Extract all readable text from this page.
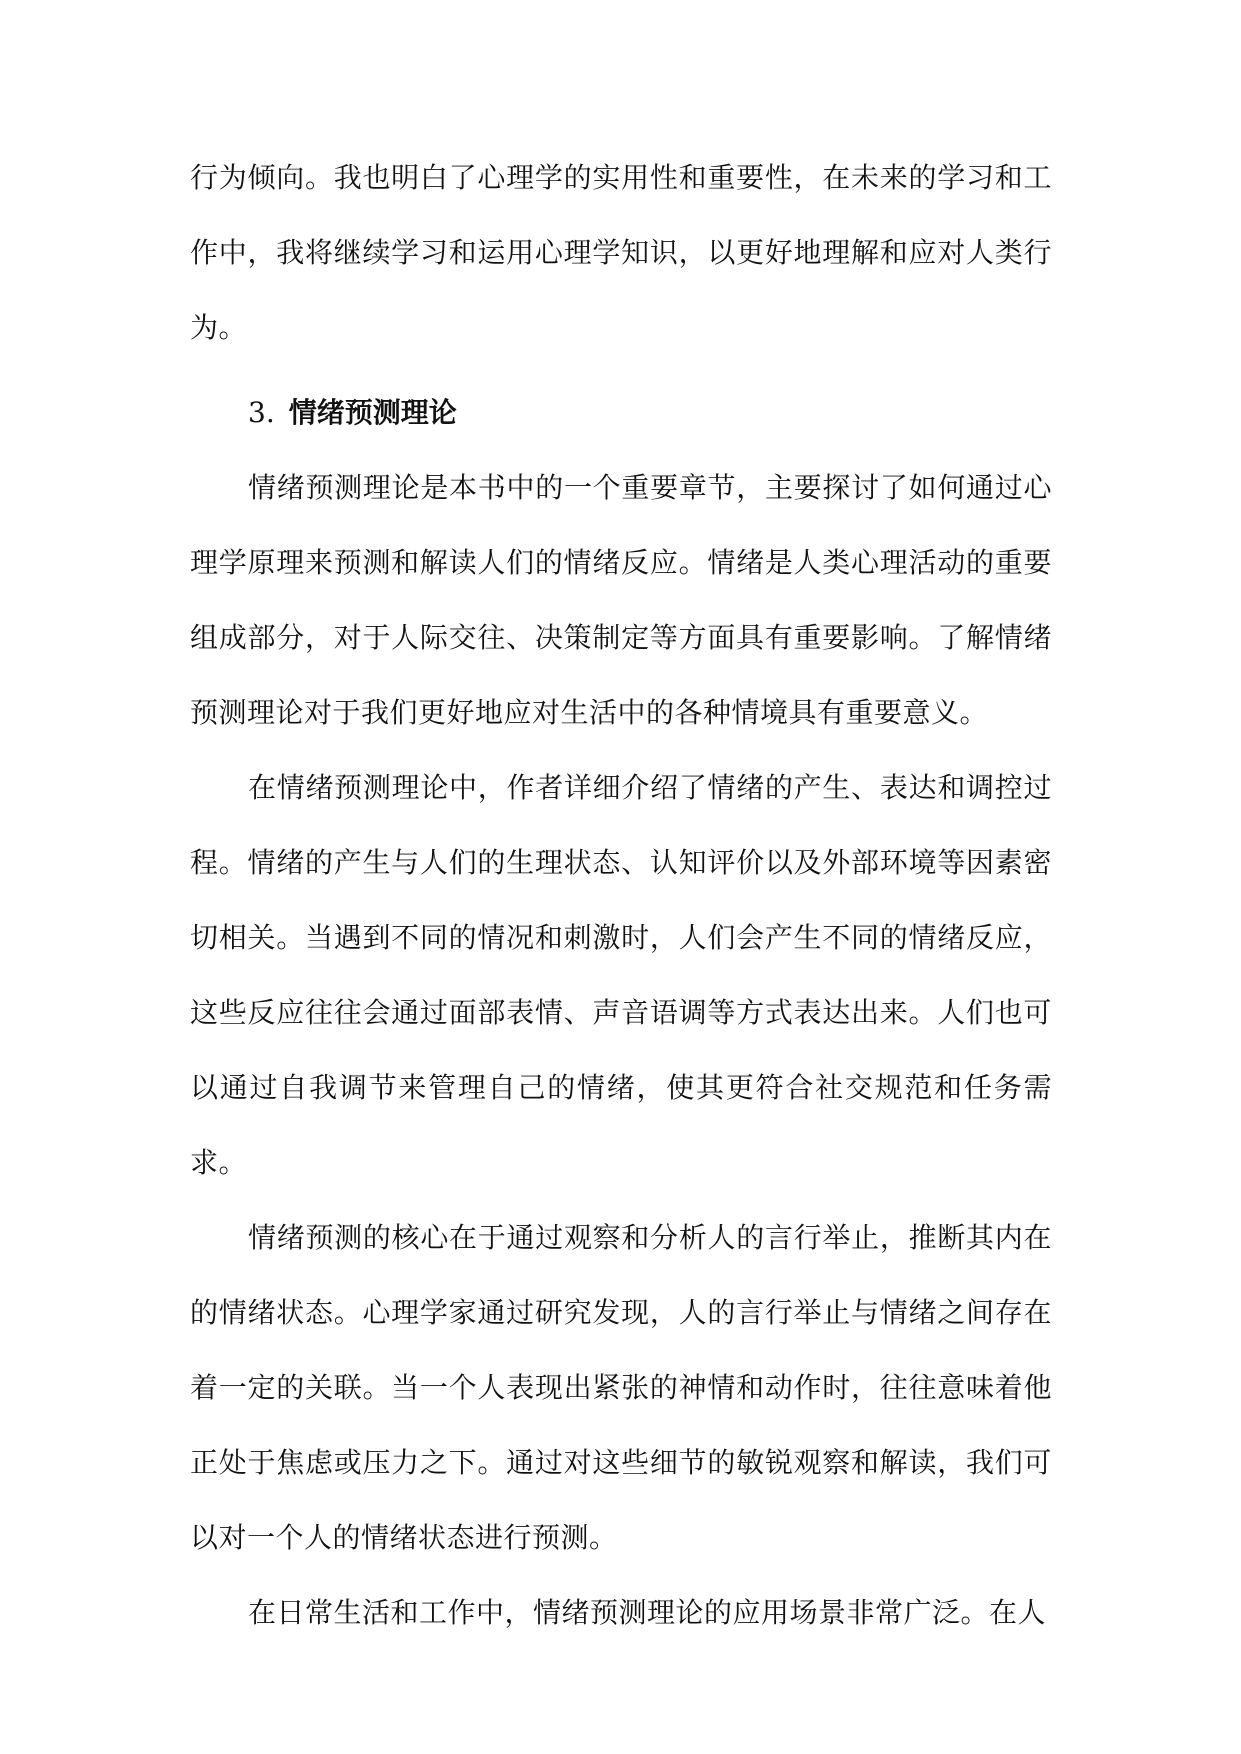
行为倾向。我也明白了心理学的实用性和重要性，在未来的学习和工作中，我将继续学习和运用心理学知识，以更好地理解和应对人类行为。

3. 情绪预测理论

情绪预测理论是本书中的一个重要章节，主要探讨了如何通过心理学原理来预测和解读人们的情绪反应。情绪是人类心理活动的重要组成部分，对于人际交往、决策制定等方面具有重要影响。了解情绪预测理论对于我们更好地应对生活中的各种情境具有重要意义。

在情绪预测理论中，作者详细介绍了情绪的产生、表达和调控过程。情绪的产生与人们的生理状态、认知评价以及外部环境等因素密切相关。当遇到不同的情况和刺激时，人们会产生不同的情绪反应，这些反应往往会通过面部表情、声音语调等方式表达出来。人们也可以通过自我调节来管理自己的情绪，使其更符合社交规范和任务需求。

情绪预测的核心在于通过观察和分析人的言行举止，推断其内在的情绪状态。心理学家通过研究发现，人的言行举止与情绪之间存在着一定的关联。当一个人表现出紧张的神情和动作时，往往意味着他正处于焦虑或压力之下。通过对这些细节的敏锐观察和解读，我们可以对一个人的情绪状态进行预测。

在日常生活和工作中，情绪预测理论的应用场景非常广泛。在人
